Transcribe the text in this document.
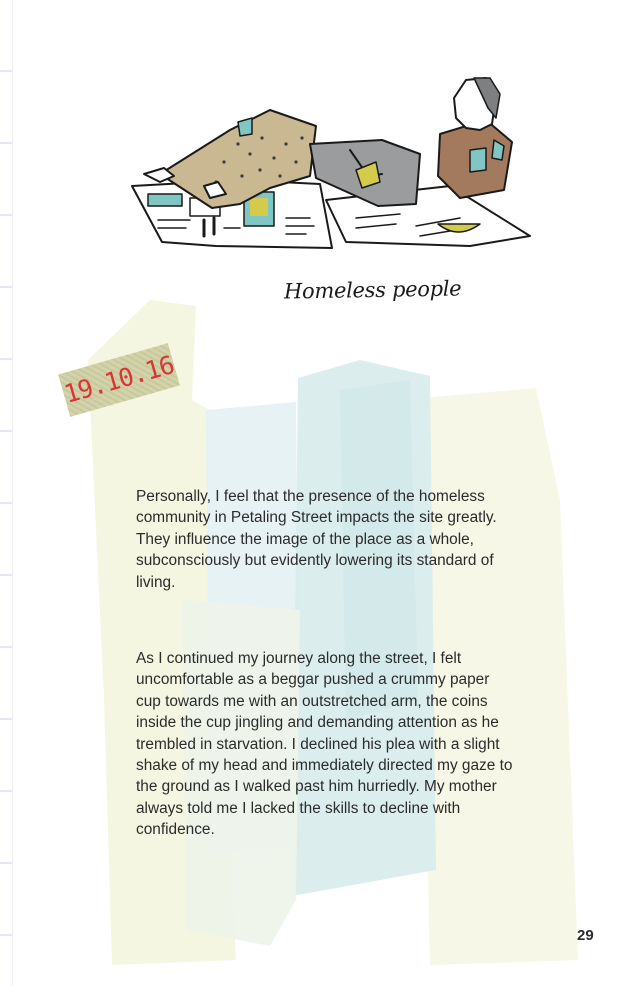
Homeless people
19.10.16

Personally, I feel that the presence of the homeless community in Petaling Street impacts the site greatly. They influence the image of the place as a whole, subconsciously but evidently lowering its standard of living.

As I continued my journey along the street, I felt uncomfortable as a beggar pushed a crummy paper cup towards me with an outstretched arm, the coins inside the cup jingling and demanding attention as he trembled in starvation. I declined his plea with a slight shake of my head and immediately directed my gaze to the ground as I walked past him hurriedly. My mother always told me I lacked the skills to decline with confidence.

29
